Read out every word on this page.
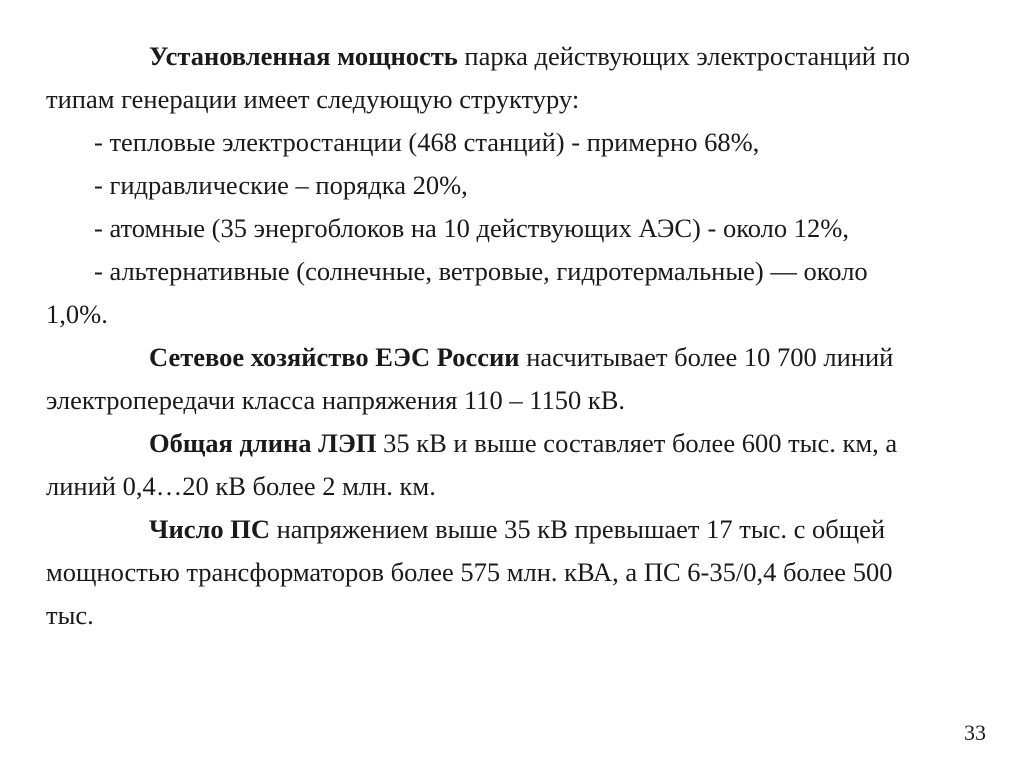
Установленная мощность парка действующих электростанций по
типам генерации имеет следующую структуру:
- тепловые электростанции (468 станций) - примерно 68%,
- гидравлические – порядка 20%,
- атомные (35 энергоблоков на 10 действующих АЭС) - около 12%,
- альтернативные (солнечные, ветровые, гидротермальные) — около
1,0%.
Сетевое хозяйство ЕЭС России насчитывает более 10 700 линий
электропередачи класса напряжения 110 – 1150 кВ.
Общая длина ЛЭП 35 кВ и выше составляет более 600 тыс. км, а
линий 0,4…20 кВ более 2 млн. км.
Число ПС напряжением выше 35 кВ превышает 17 тыс. с общей
мощностью трансформаторов более 575 млн. кВА, а ПС 6-35/0,4 более 500
тыс.
33
